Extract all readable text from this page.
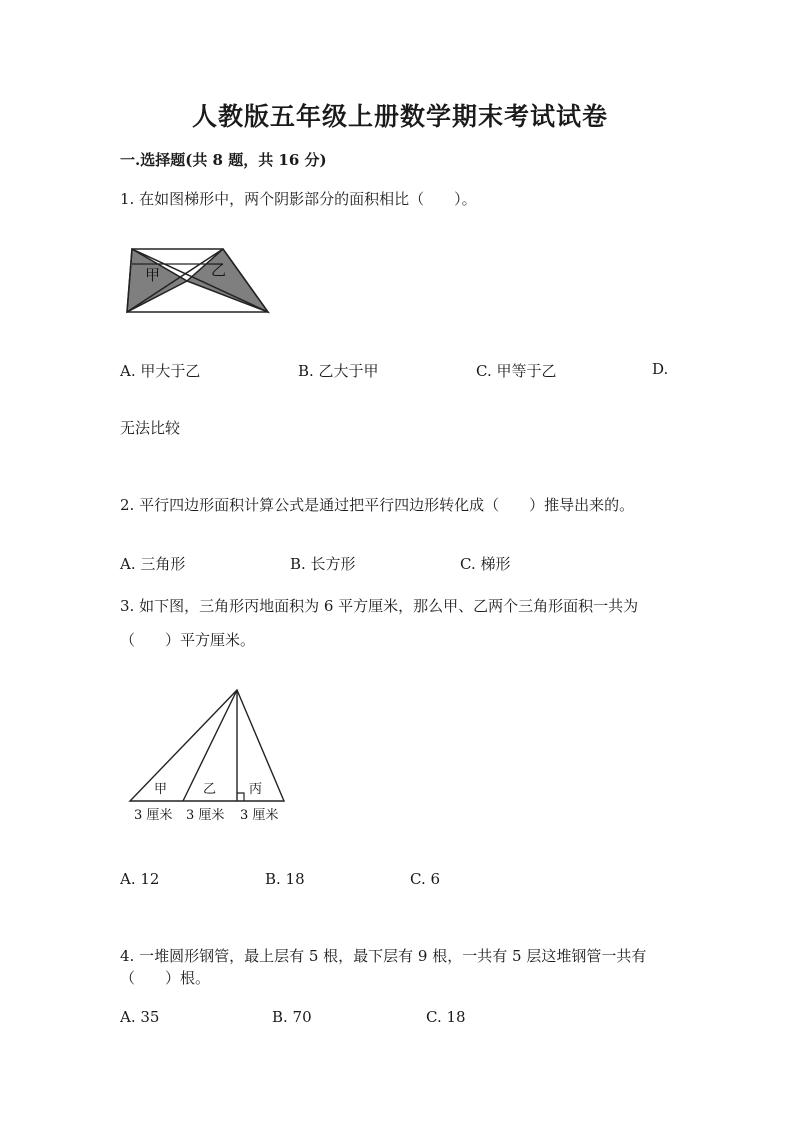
人教版五年级上册数学期末考试试卷
一.选择题(共 8 题，共 16 分)
1. 在如图梯形中，两个阴影部分的面积相比（　　）。
甲	乙
A. 甲大于乙	B. 乙大于甲	C. 甲等于乙	D.
无法比较
2. 平行四边形面积计算公式是通过把平行四边形转化成（　　）推导出来的。
A. 三角形	B. 长方形	C. 梯形
3. 如下图，三角形丙地面积为 6 平方厘米，那么甲、乙两个三角形面积一共为
（　　）平方厘米。
甲	乙	丙
3 厘米 3 厘米 3 厘米
A. 12	B. 18	C. 6
4. 一堆圆形钢管，最上层有 5 根，最下层有 9 根，一共有 5 层这堆钢管一共有
（　　）根。
A. 35	B. 70	C. 18
